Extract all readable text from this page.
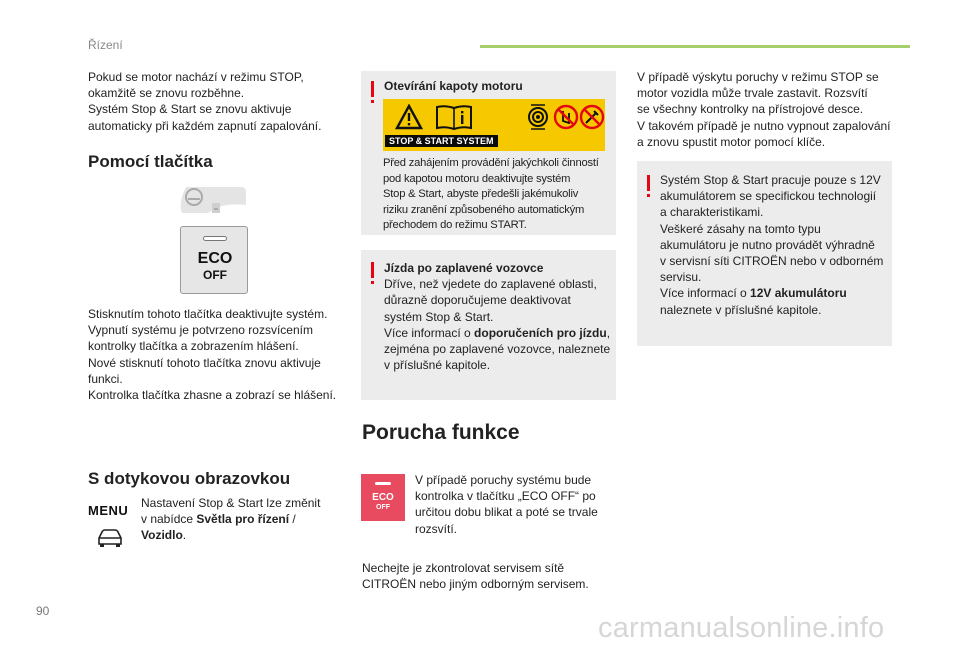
Řízení
Pokud se motor nachází v režimu STOP,
okamžitě se znovu rozběhne.
Systém Stop & Start se znovu aktivuje
automaticky při každém zapnutí zapalování.
Pomocí tlačítka
ECO
OFF
Stisknutím tohoto tlačítka deaktivujte systém.
Vypnutí systému je potvrzeno rozsvícením
kontrolky tlačítka a zobrazením hlášení.
Nové stisknutí tohoto tlačítka znovu aktivuje
funkci.
Kontrolka tlačítka zhasne a zobrazí se hlášení.
S dotykovou obrazovkou
MENU Nastavení Stop & Start lze změnit
v nabídce Světla pro řízení /
Vozidlo.
Otevírání kapoty motoru
STOP & START SYSTEM
Před zahájením provádění jakýchkoli činností
pod kapotou motoru deaktivujte systém
Stop & Start, abyste předešli jakémukoliv
riziku zranění způsobeného automatickým
přechodem do režimu START.
Jízda po zaplavené vozovce
Dříve, než vjedete do zaplavené oblasti,
důrazně doporučujeme deaktivovat
systém Stop & Start.
Více informací o doporučeních pro jízdu,
zejména po zaplavené vozovce, naleznete
v příslušné kapitole.
Porucha funkce
ECO
OFF
V případě poruchy systému bude
kontrolka v tlačítku „ECO OFF“ po
určitou dobu blikat a poté se trvale
rozsvítí.
Nechejte je zkontrolovat servisem sítě
CITROËN nebo jiným odborným servisem.
V případě výskytu poruchy v režimu STOP se
motor vozidla může trvale zastavit. Rozsvítí
se všechny kontrolky na přístrojové desce.
V takovém případě je nutno vypnout zapalování
a znovu spustit motor pomocí klíče.
Systém Stop & Start pracuje pouze s 12V
akumulátorem se specifickou technologií
a charakteristikami.
Veškeré zásahy na tomto typu
akumulátoru je nutno provádět výhradně
v servisní síti CITROËN nebo v odborném
servisu.
Více informací o 12V akumulátoru
naleznete v příslušné kapitole.
90
carmanualsonline.info
